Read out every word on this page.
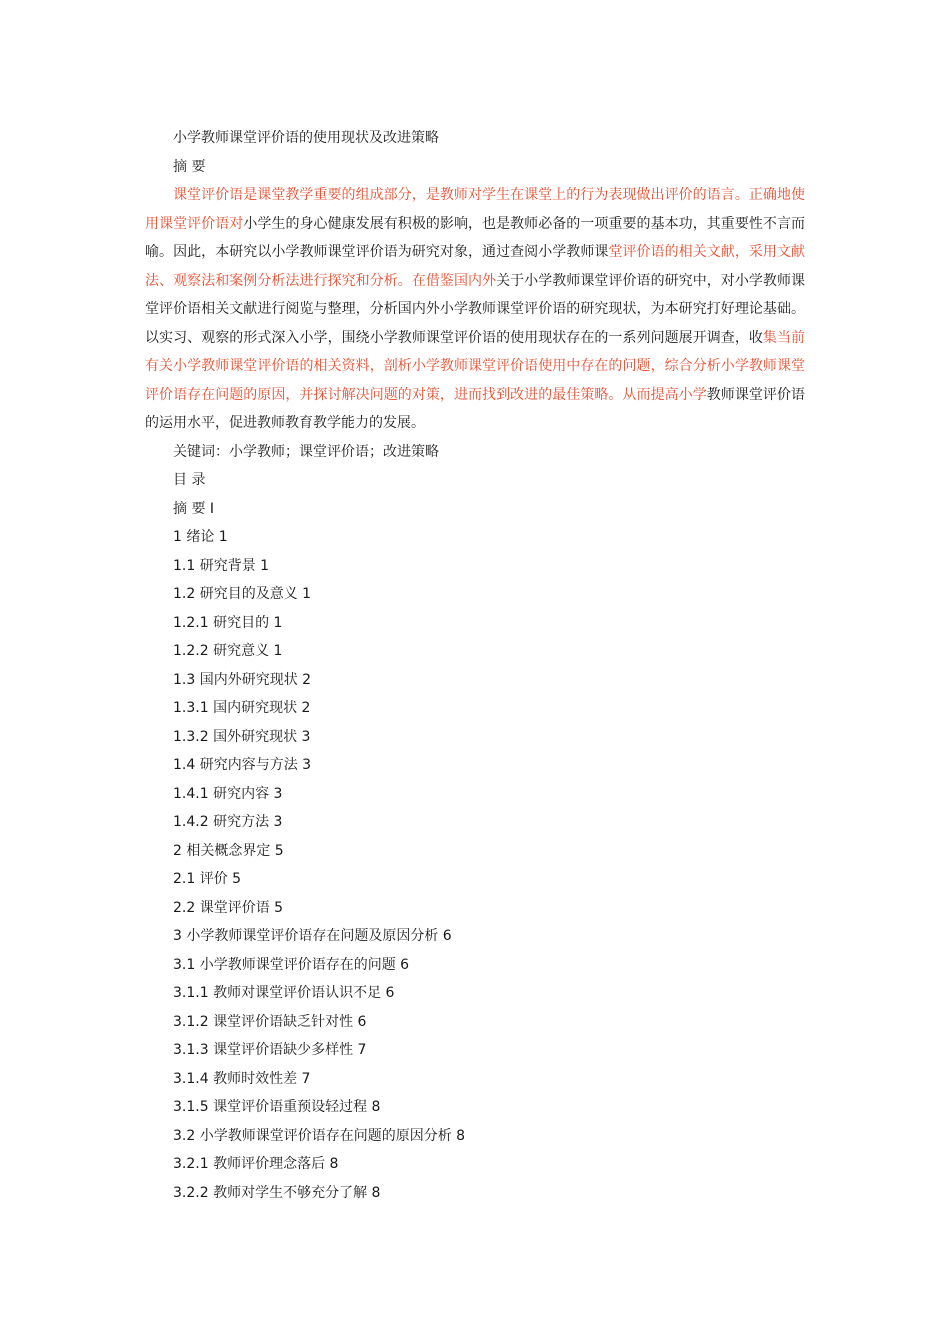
小学教师课堂评价语的使用现状及改进策略
摘 要

课堂评价语是课堂教学重要的组成部分，是教师对学生在课堂上的行为表现做出评价的语言。正确地使用课堂评价语对小学生的身心健康发展有积极的影响，也是教师必备的一项重要的基本功，其重要性不言而喻。因此，本研究以小学教师课堂评价语为研究对象，通过查阅小学教师课堂评价语的相关文献，采用文献法、观察法和案例分析法进行探究和分析。在借鉴国内外关于小学教师课堂评价语的研究中，对小学教师课堂评价语相关文献进行阅览与整理，分析国内外小学教师课堂评价语的研究现状，为本研究打好理论基础。以实习、观察的形式深入小学，围绕小学教师课堂评价语的使用现状存在的一系列问题展开调查，收集当前有关小学教师课堂评价语的相关资料，剖析小学教师课堂评价语使用中存在的问题，综合分析小学教师课堂评价语存在问题的原因，并探讨解决问题的对策，进而找到改进的最佳策略。从而提高小学教师课堂评价语的运用水平，促进教师教育教学能力的发展。

关键词：小学教师；课堂评价语；改进策略
目 录
摘 要 I
1 绪论 1
1.1 研究背景 1
1.2 研究目的及意义 1
1.2.1 研究目的 1
1.2.2 研究意义 1
1.3 国内外研究现状 2
1.3.1 国内研究现状 2
1.3.2 国外研究现状 3
1.4 研究内容与方法 3
1.4.1 研究内容 3
1.4.2 研究方法 3
2 相关概念界定 5
2.1 评价 5
2.2 课堂评价语 5
3 小学教师课堂评价语存在问题及原因分析 6
3.1 小学教师课堂评价语存在的问题 6
3.1.1 教师对课堂评价语认识不足 6
3.1.2 课堂评价语缺乏针对性 6
3.1.3 课堂评价语缺少多样性 7
3.1.4 教师时效性差 7
3.1.5 课堂评价语重预设轻过程 8
3.2 小学教师课堂评价语存在问题的原因分析 8
3.2.1 教师评价理念落后 8
3.2.2 教师对学生不够充分了解 8
